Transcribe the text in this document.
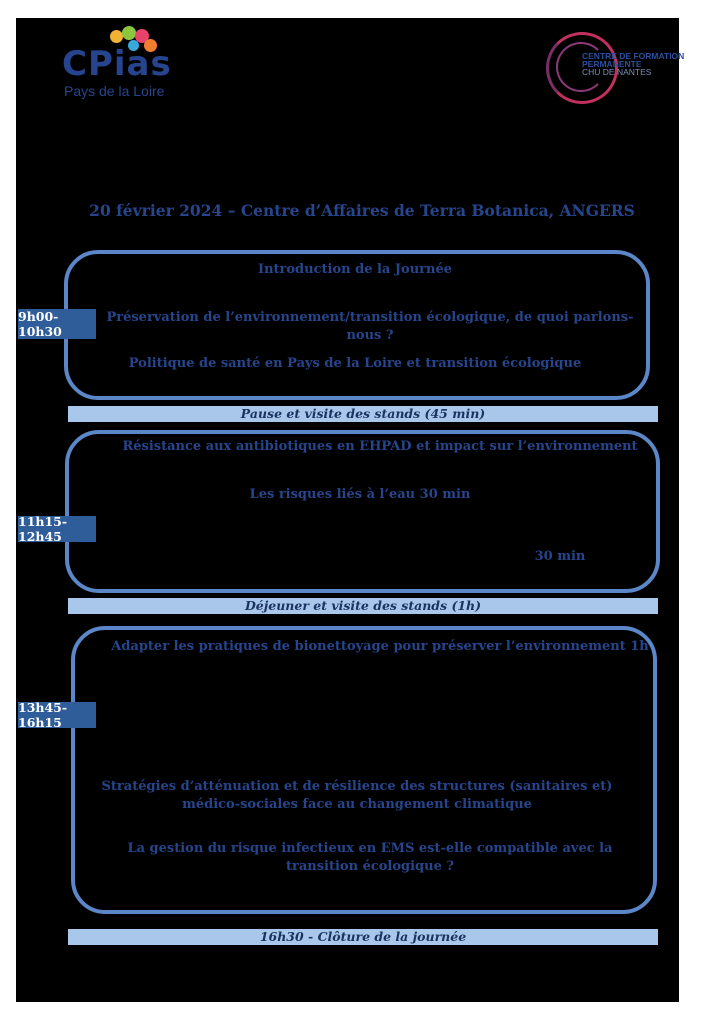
CPias
Pays de la Loire
CENTRE DE FORMATION
PERMANENTE
CHU DE NANTES
20 février 2024 – Centre d’Affaires de Terra Botanica, ANGERS
Introduction de la Journée
Préservation de l’environnement/transition écologique, de quoi parlons-nous ?
Politique de santé en Pays de la Loire et transition écologique
9h00-10h30
Pause et visite des stands (45 min)
Résistance aux antibiotiques en EHPAD et impact sur l’environnement
Les risques liés à l’eau 30 min
30 min
11h15-12h45
Déjeuner et visite des stands (1h)
Adapter les pratiques de bionettoyage pour préserver l’environnement 1h
Stratégies d’atténuation et de résilience des structures (sanitaires et) médico-sociales face au changement climatique
La gestion du risque infectieux en EMS est-elle compatible avec la transition écologique ?
13h45-16h15
16h30 - Clôture de la journée
